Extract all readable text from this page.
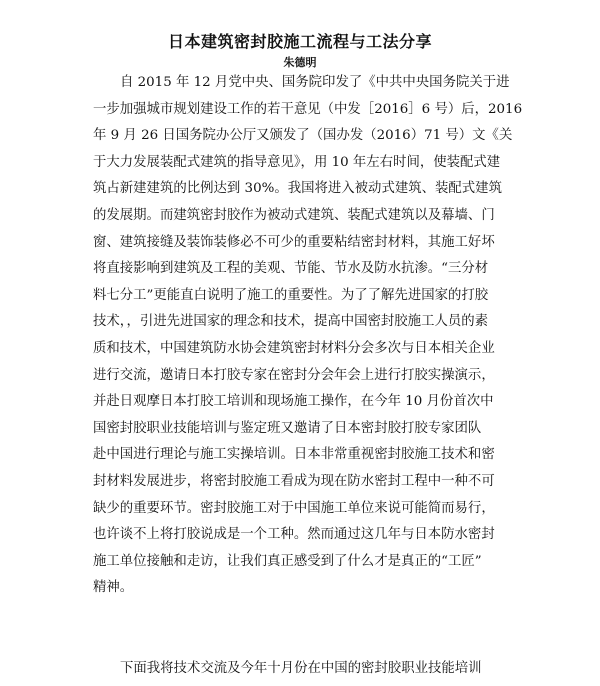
日本建筑密封胶施工流程与工法分享
朱德明
自 2015 年 12 月党中央、国务院印发了《中共中央国务院关于进
一步加强城市规划建设工作的若干意见（中发［2016］6 号）后，2016
年 9 月 26 日国务院办公厅又颁发了（国办发（2016）71 号）文《关
于大力发展装配式建筑的指导意见》，用 10 年左右时间，使装配式建
筑占新建建筑的比例达到 30%。我国将进入被动式建筑、装配式建筑
的发展期。而建筑密封胶作为被动式建筑、装配式建筑以及幕墙、门
窗、建筑接缝及装饰装修必不可少的重要粘结密封材料，其施工好坏
将直接影响到建筑及工程的美观、节能、节水及防水抗渗。“三分材
料七分工”更能直白说明了施工的重要性。为了了解先进国家的打胶
技术，，引进先进国家的理念和技术，提高中国密封胶施工人员的素
质和技术，中国建筑防水协会建筑密封材料分会多次与日本相关企业
进行交流，邀请日本打胶专家在密封分会年会上进行打胶实操演示，
并赴日观摩日本打胶工培训和现场施工操作，在今年 10 月份首次中
国密封胶职业技能培训与鉴定班又邀请了日本密封胶打胶专家团队
赴中国进行理论与施工实操培训。日本非常重视密封胶施工技术和密
封材料发展进步，将密封胶施工看成为现在防水密封工程中一种不可
缺少的重要环节。密封胶施工对于中国施工单位来说可能简而易行，
也许谈不上将打胶说成是一个工种。然而通过这几年与日本防水密封
施工单位接触和走访，让我们真正感受到了什么才是真正的“工匠”
精神。
下面我将技术交流及今年十月份在中国的密封胶职业技能培训
